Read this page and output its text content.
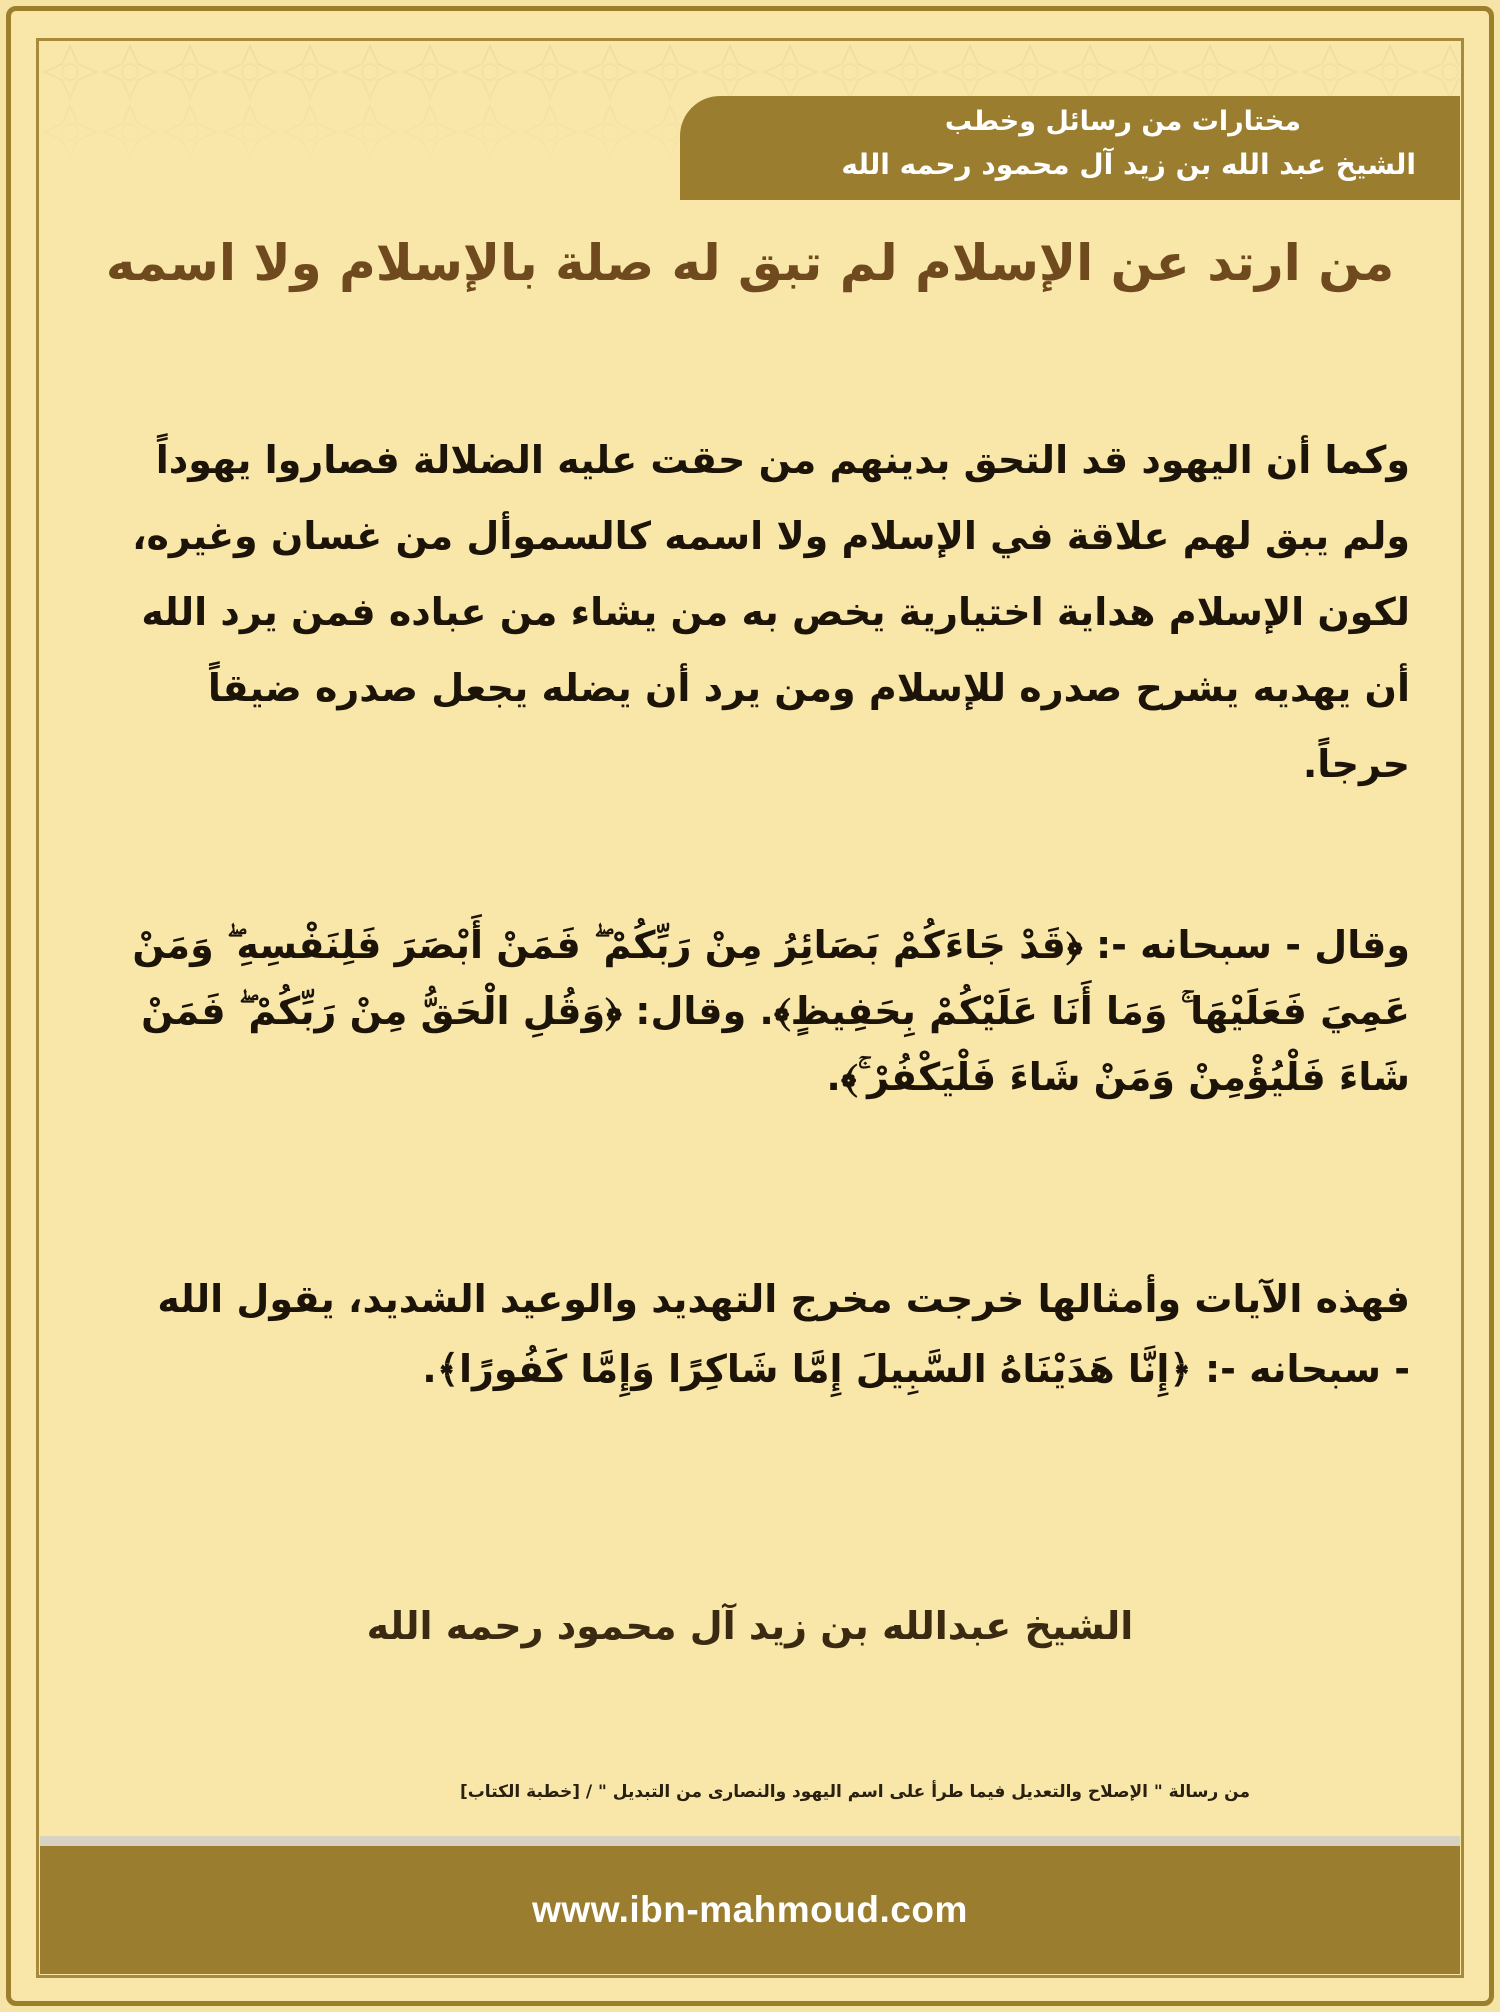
مختارات من رسائل وخطب
الشيخ عبد الله بن زيد آل محمود رحمه الله
من ارتد عن الإسلام لم تبق له صلة بالإسلام ولا اسمه
وكما أن اليهود قد التحق بدينهم من حقت عليه الضلالة فصاروا يهوداً ولم يبق لهم علاقة في الإسلام ولا اسمه كالسموأل من غسان وغيره، لكون الإسلام هداية اختيارية يخص به من يشاء من عباده فمن يرد الله أن يهديه يشرح صدره للإسلام ومن يرد أن يضله يجعل صدره ضيقاً حرجاً.
وقال - سبحانه -: ﴿قَدْ جَاءَكُمْ بَصَائِرُ مِنْ رَبِّكُمْ ۖ فَمَنْ أَبْصَرَ فَلِنَفْسِهِ ۖ وَمَنْ عَمِيَ فَعَلَيْهَا ۚ وَمَا أَنَا عَلَيْكُمْ بِحَفِيظٍ﴾. وقال: ﴿وَقُلِ الْحَقُّ مِنْ رَبِّكُمْ ۖ فَمَنْ شَاءَ فَلْيُؤْمِنْ وَمَنْ شَاءَ فَلْيَكْفُرْ ۚ﴾.
فهذه الآيات وأمثالها خرجت مخرج التهديد والوعيد الشديد، يقول الله - سبحانه -: ﴿إِنَّا هَدَيْنَاهُ السَّبِيلَ إِمَّا شَاكِرًا وَإِمَّا كَفُورًا﴾.
الشيخ عبدالله بن زيد آل محمود رحمه الله
من رسالة " الإصلاح والتعديل فيما طرأ على اسم اليهود والنصارى من التبديل " / [خطبة الكتاب]
www.ibn-mahmoud.com
